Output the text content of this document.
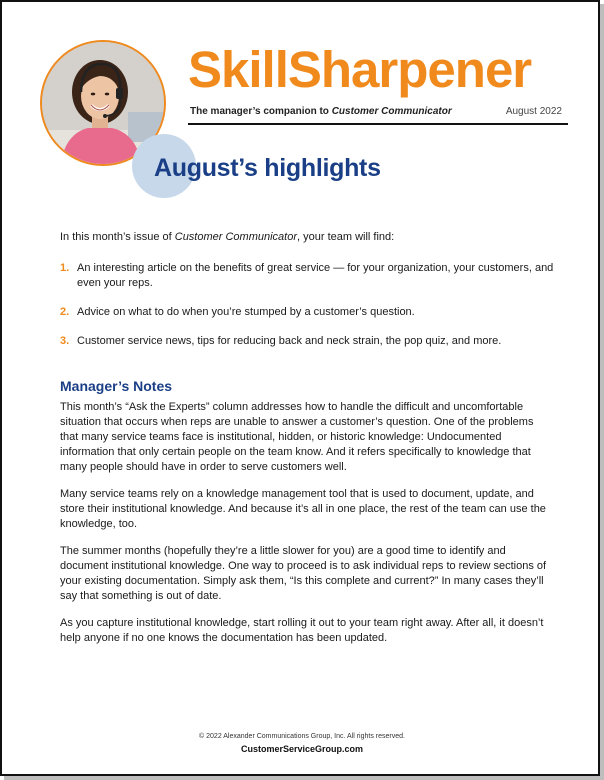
SkillSharpener
The manager’s companion to Customer Communicator	August 2022
August’s highlights

In this month’s issue of Customer Communicator, your team will find:

1. An interesting article on the benefits of great service — for your organization, your customers, and even your reps.
2. Advice on what to do when you’re stumped by a customer’s question.
3. Customer service news, tips for reducing back and neck strain, the pop quiz, and more.
Manager’s Notes

This month’s “Ask the Experts” column addresses how to handle the difficult and uncomfortable situation that occurs when reps are unable to answer a customer’s question. One of the problems that many service teams face is institutional, hidden, or historic knowledge: Undocumented information that only certain people on the team know. And it refers specifically to knowledge that many people should have in order to serve customers well.

Many service teams rely on a knowledge management tool that is used to document, update, and store their institutional knowledge. And because it’s all in one place, the rest of the team can use the knowledge, too.

The summer months (hopefully they’re a little slower for you) are a good time to identify and document institutional knowledge. One way to proceed is to ask individual reps to review sections of your existing documentation. Simply ask them, “Is this complete and current?” In many cases they’ll say that something is out of date.

As you capture institutional knowledge, start rolling it out to your team right away. After all, it doesn’t help anyone if no one knows the documentation has been updated.

© 2022 Alexander Communications Group, Inc. All rights reserved.
CustomerServiceGroup.com
